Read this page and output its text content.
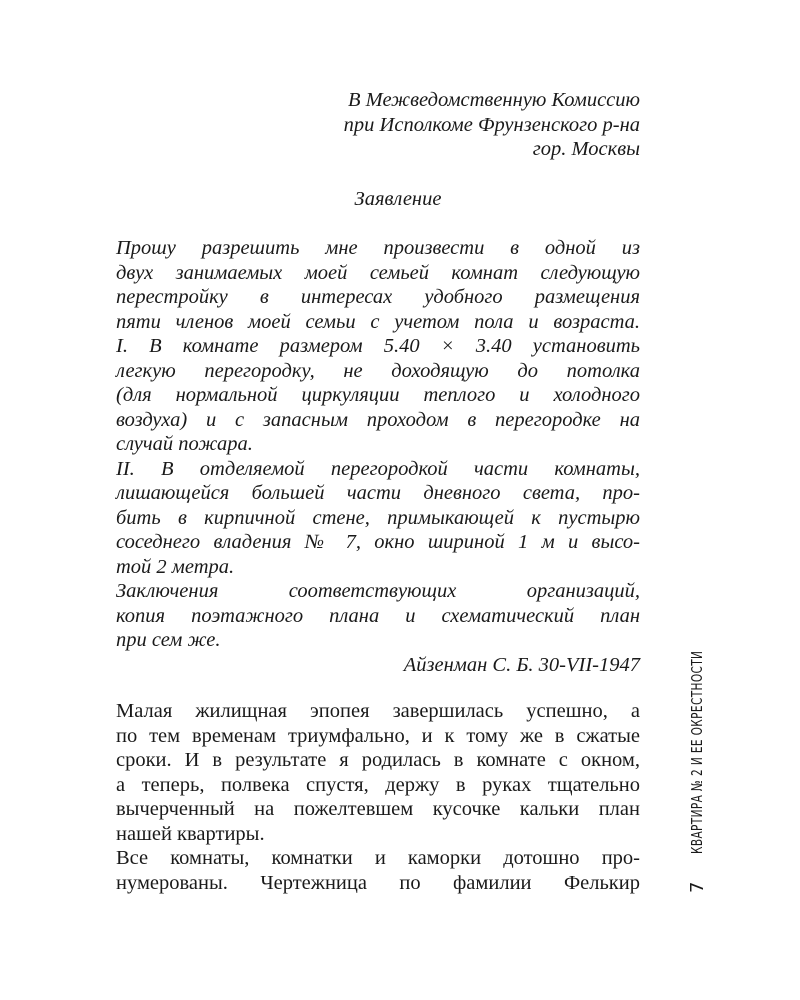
В Межведомственную Комиссию

при Исполкоме Фрунзенского р-на

гор. Москвы

Заявление

Прошу разрешить мне произвести в одной из

двух занимаемых моей семьей комнат следующую

перестройку в интересах удобного размещения

пяти членов моей семьи с учетом пола и возраста.

I. В комнате размером 5.40 × 3.40 установить

легкую перегородку, не доходящую до потолка

(для нормальной циркуляции теплого и холодного

воздуха) и с запасным проходом в перегородке на

случай пожара.

II. В отделяемой перегородкой части комнаты,

лишающейся большей части дневного света, про-

бить в кирпичной стене, примыкающей к пустырю

соседнего владения № 7, окно шириной 1 м и высо-

той 2 метра.

Заключения соответствующих организаций,

копия поэтажного плана и схематический план

при сем же.

Айзенман С. Б. 30-VII-1947

Малая жилищная эпопея завершилась успешно, а

по тем временам триумфально, и к тому же в сжатые

сроки. И в результате я родилась в комнате с окном,

а теперь, полвека спустя, держу в руках тщательно

вычерченный на пожелтевшем кусочке кальки план

нашей квартиры.

Все комнаты, комнатки и каморки дотошно про-

нумерованы. Чертежница по фамилии Фелькир

КВАРТИРА № 2 И ЕЕ ОКРЕСТНОСТИ
7
